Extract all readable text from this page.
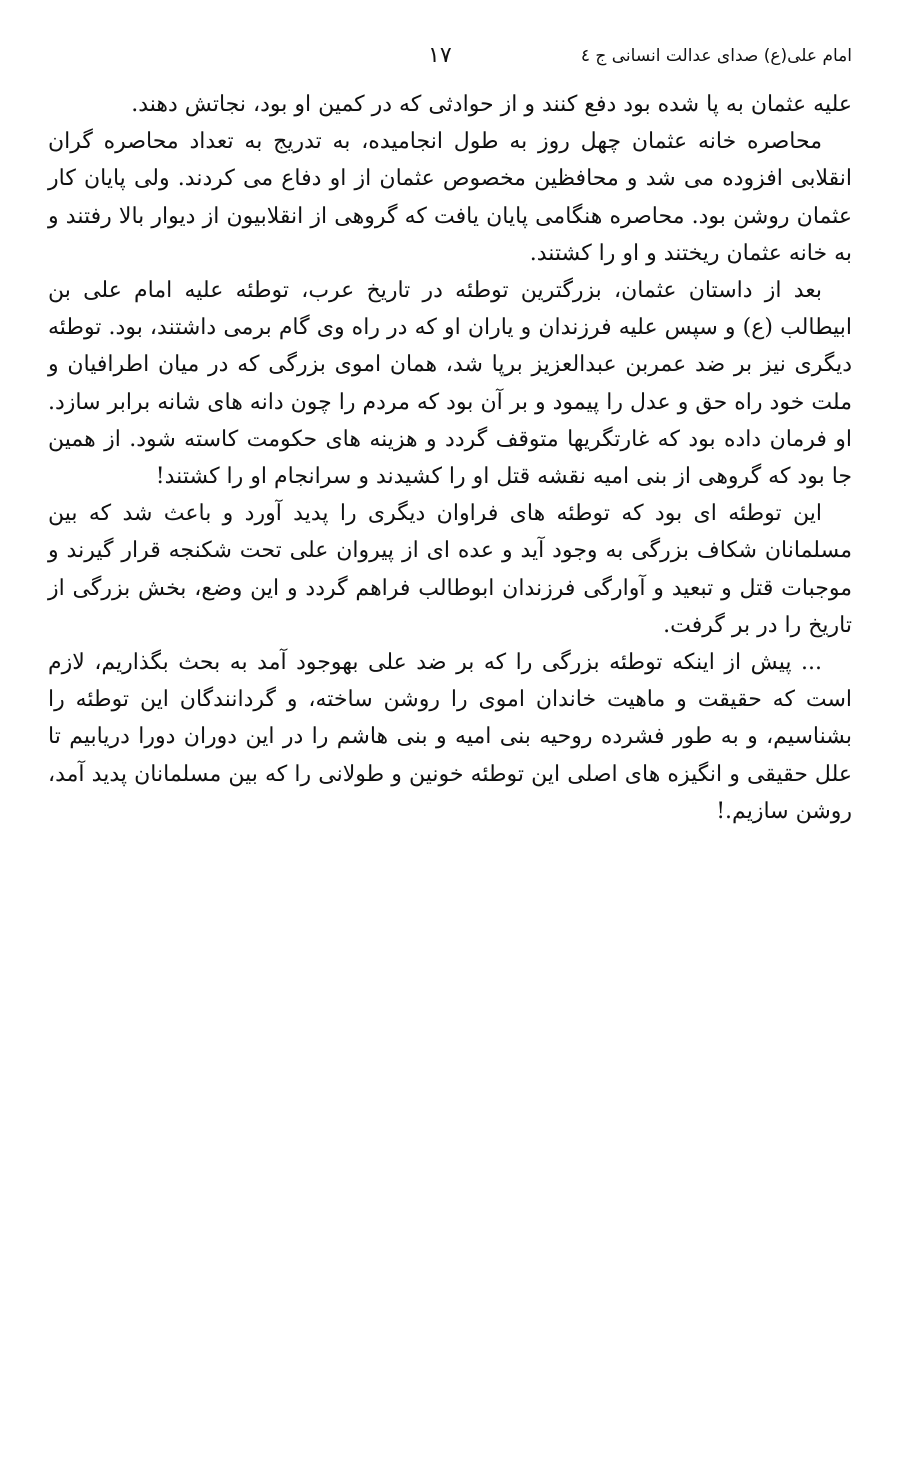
امام علی(ع) صدای عدالت انسانی ج ٤
١٧

علیه عثمان به پا شده بود دفع کنند و از حوادثی که در کمین او بود، نجاتش دهند.

محاصره خانه عثمان چهل روز به طول انجامیده، به تدریج به تعداد محاصره گران انقلابی افزوده می شد و محافظین مخصوص عثمان از او دفاع می کردند. ولی پایان کار عثمان روشن بود. محاصره هنگامی پایان یافت که گروهی از انقلابیون از دیوار بالا رفتند و به خانه عثمان ریختند و او را کشتند.

بعد از داستان عثمان، بزرگترین توطئه در تاریخ عرب، توطئه علیه امام علی بن ابیطالب (ع) و سپس علیه فرزندان و یاران او که در راه وی گام برمی داشتند، بود. توطئه دیگری نیز بر ضد عمربن عبدالعزیز برپا شد، همان اموی بزرگی که در میان اطرافیان و ملت خود راه حق و عدل را پیمود و بر آن بود که مردم را چون دانه های شانه برابر سازد. او فرمان داده بود که غارتگریها متوقف گردد و هزینه های حکومت کاسته شود. از همین جا بود که گروهی از بنی امیه نقشه قتل او را کشیدند و سرانجام او را کشتند!

این توطئه ای بود که توطئه های فراوان دیگری را پدید آورد و باعث شد که بین مسلمانان شکاف بزرگی به وجود آید و عده ای از پیروان علی تحت شکنجه قرار گیرند و موجبات قتل و تبعید و آوارگی فرزندان ابوطالب فراهم گردد و این وضع، بخش بزرگی از تاریخ را در بر گرفت.

... پیش از اینکه توطئه بزرگی را که بر ضد علی بهوجود آمد به بحث بگذاریم، لازم است که حقیقت و ماهیت خاندان اموی را روشن ساخته، و گردانندگان این توطئه را بشناسیم، و به طور فشرده روحیه بنی امیه و بنی هاشم را در این دوران دورا دریابیم تا علل حقیقی و انگیزه های اصلی این توطئه خونین و طولانی را که بین مسلمانان پدید آمد، روشن سازیم.!
